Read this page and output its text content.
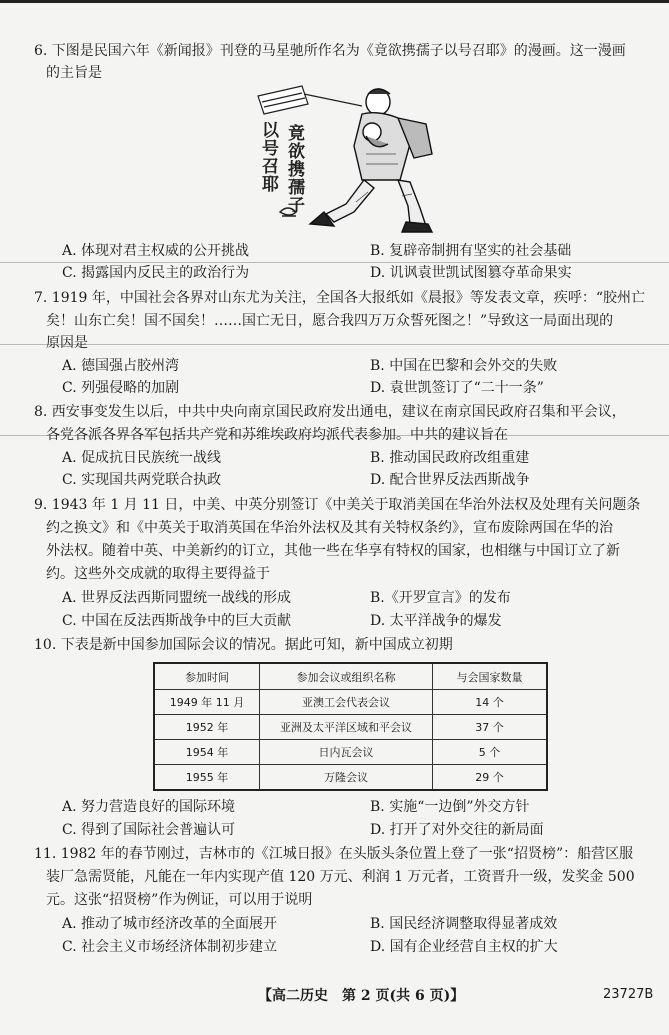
6. 下图是民国六年《新闻报》刊登的马星驰所作名为《竟欲携孺子以号召耶》的漫画。这一漫画
的主旨是
竟欲携孺子
以号召耶
A. 体现对君主权威的公开挑战	B. 复辟帝制拥有坚实的社会基础
C. 揭露国内反民主的政治行为	D. 讥讽袁世凯试图篡夺革命果实
7. 1919 年，中国社会各界对山东尤为关注，全国各大报纸如《晨报》等发表文章，疾呼：“胶州亡
矣！山东亡矣！国不国矣！……国亡无日，愿合我四万万众誓死图之！”导致这一局面出现的
原因是
A. 德国强占胶州湾	B. 中国在巴黎和会外交的失败
C. 列强侵略的加剧	D. 袁世凯签订了“二十一条”
8. 西安事变发生以后，中共中央向南京国民政府发出通电，建议在南京国民政府召集和平会议，
各党各派各界各军包括共产党和苏维埃政府均派代表参加。中共的建议旨在
A. 促成抗日民族统一战线	B. 推动国民政府改组重建
C. 实现国共两党联合执政	D. 配合世界反法西斯战争
9. 1943 年 1 月 11 日，中美、中英分别签订《中美关于取消美国在华治外法权及处理有关问题条
约之换文》和《中英关于取消英国在华治外法权及其有关特权条约》，宣布废除两国在华的治
外法权。随着中英、中美新约的订立，其他一些在华享有特权的国家，也相继与中国订立了新
约。这些外交成就的取得主要得益于
A. 世界反法西斯同盟统一战线的形成	B.《开罗宣言》的发布
C. 中国在反法西斯战争中的巨大贡献	D. 太平洋战争的爆发
10. 下表是新中国参加国际会议的情况。据此可知，新中国成立初期
参加时间	参加会议或组织名称	与会国家数量
1949 年 11 月	亚澳工会代表会议	14 个
1952 年	亚洲及太平洋区域和平会议	37 个
1954 年	日内瓦会议	5 个
1955 年	万隆会议	29 个
A. 努力营造良好的国际环境	B. 实施“一边倒”外交方针
C. 得到了国际社会普遍认可	D. 打开了对外交往的新局面
11. 1982 年的春节刚过，吉林市的《江城日报》在头版头条位置上登了一张“招贤榜”：船营区服
装厂急需贤能，凡能在一年内实现产值 120 万元、利润 1 万元者，工资晋升一级，发奖金 500
元。这张“招贤榜”作为例证，可以用于说明
A. 推动了城市经济改革的全面展开	B. 国民经济调整取得显著成效
C. 社会主义市场经济体制初步建立	D. 国有企业经营自主权的扩大
【高二历史　第 2 页(共 6 页)】	23727B
